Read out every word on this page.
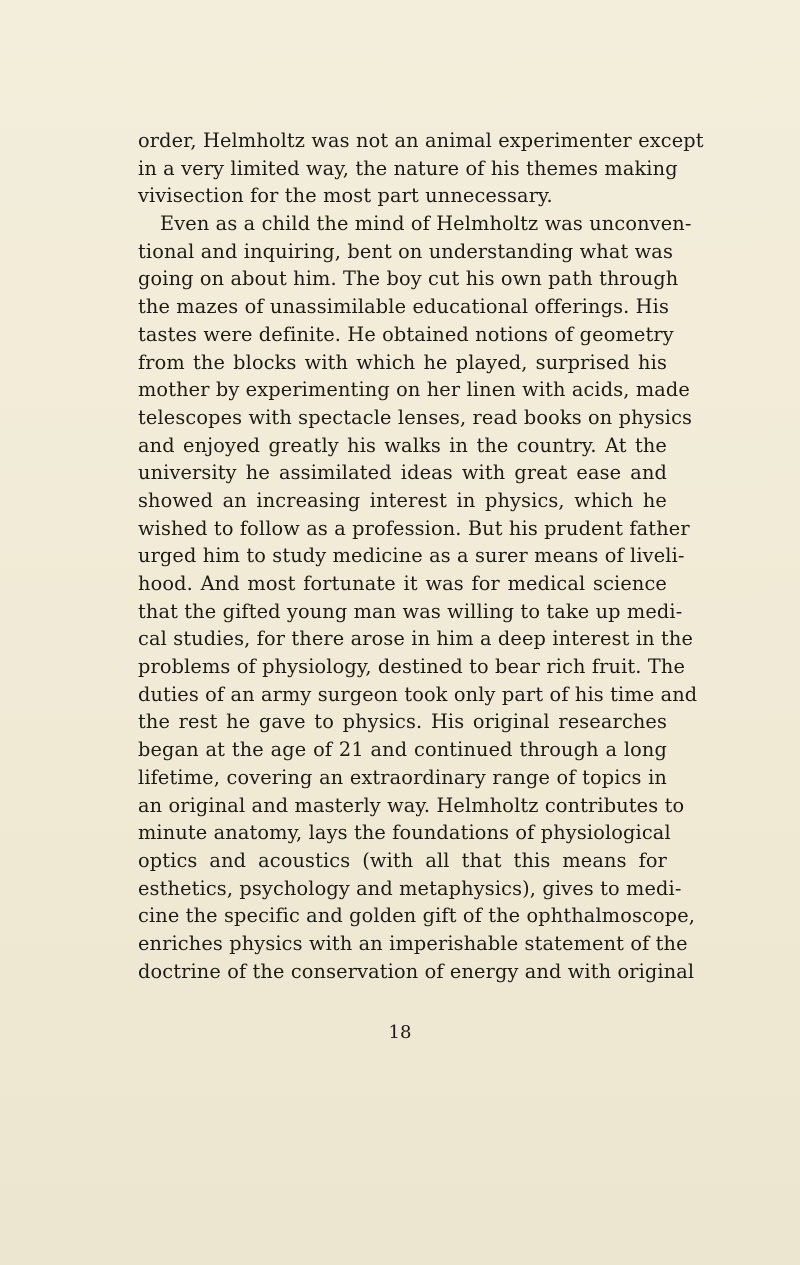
order, Helmholtz was not an animal experimenter except
in a very limited way, the nature of his themes making
vivisection for the most part unnecessary.
Even as a child the mind of Helmholtz was unconven-
tional and inquiring, bent on understanding what was
going on about him. The boy cut his own path through
the mazes of unassimilable educational offerings. His
tastes were definite. He obtained notions of geometry
from the blocks with which he played, surprised his
mother by experimenting on her linen with acids, made
telescopes with spectacle lenses, read books on physics
and enjoyed greatly his walks in the country. At the
university he assimilated ideas with great ease and
showed an increasing interest in physics, which he
wished to follow as a profession. But his prudent father
urged him to study medicine as a surer means of liveli-
hood. And most fortunate it was for medical science
that the gifted young man was willing to take up medi-
cal studies, for there arose in him a deep interest in the
problems of physiology, destined to bear rich fruit. The
duties of an army surgeon took only part of his time and
the rest he gave to physics. His original researches
began at the age of 21 and continued through a long
lifetime, covering an extraordinary range of topics in
an original and masterly way. Helmholtz contributes to
minute anatomy, lays the foundations of physiological
optics and acoustics (with all that this means for
esthetics, psychology and metaphysics), gives to medi-
cine the specific and golden gift of the ophthalmoscope,
enriches physics with an imperishable statement of the
doctrine of the conservation of energy and with original
18
